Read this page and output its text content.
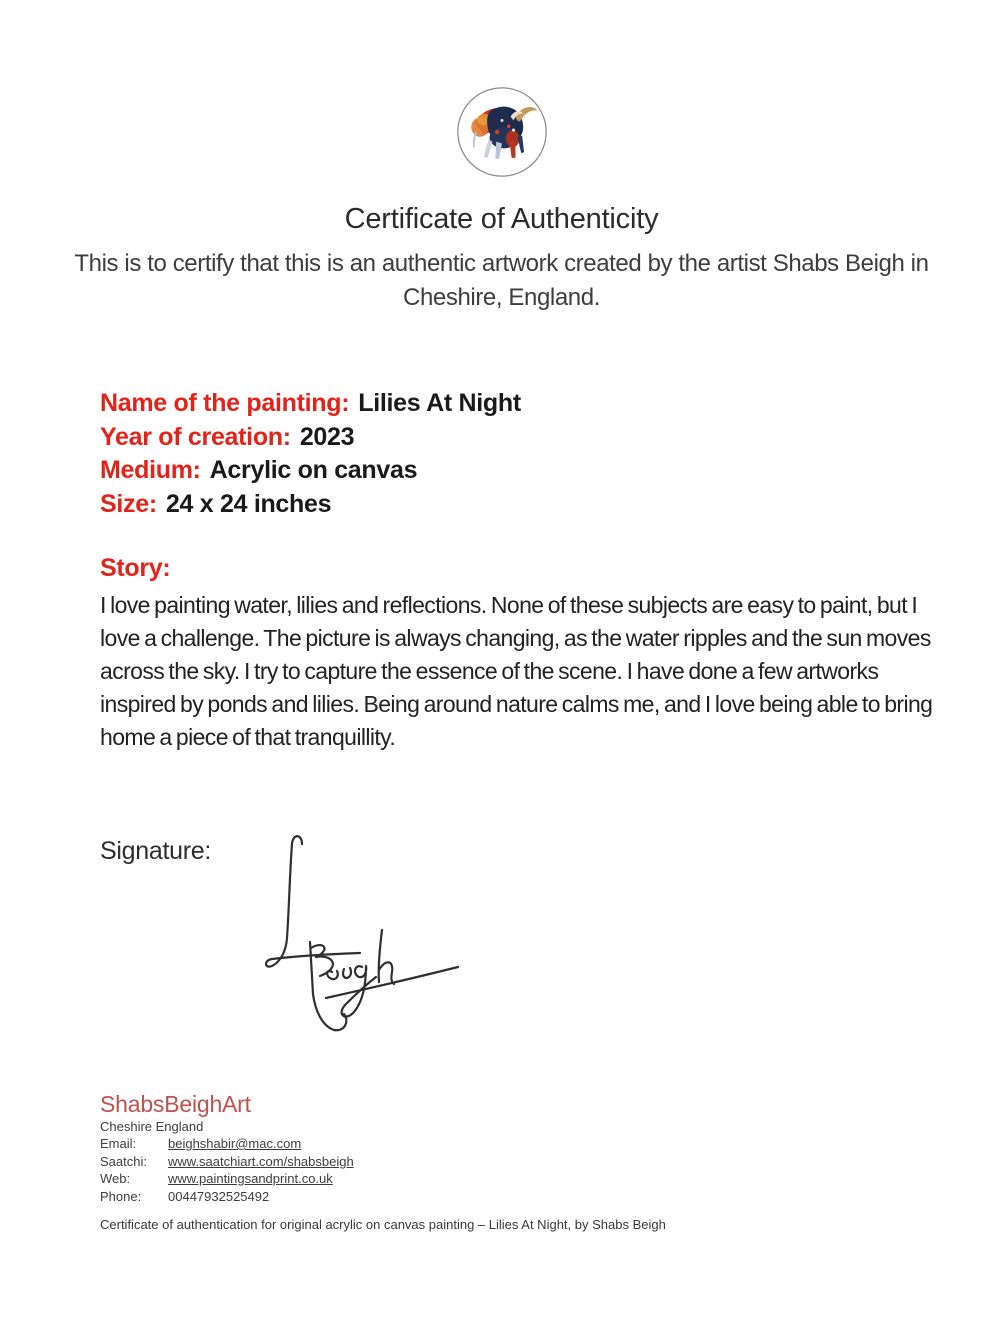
Certificate of Authenticity
This is to certify that this is an authentic artwork created by the artist Shabs Beigh in Cheshire, England.
Name of the painting: Lilies At Night
Year of creation: 2023
Medium: Acrylic on canvas
Size: 24 x 24 inches
Story:
I love painting water, lilies and reflections. None of these subjects are easy to paint, but I love a challenge. The picture is always changing, as the water ripples and the sun moves across the sky. I try to capture the essence of the scene. I have done a few artworks inspired by ponds and lilies. Being around nature calms me, and I love being able to bring home a piece of that tranquillity.
Signature:
ShabsBeighArt
Cheshire England
Email: beighshabir@mac.com
Saatchi: www.saatchiart.com/shabsbeigh
Web:	www.paintingsandprint.co.uk
Phone: 00447932525492
Certificate of authentication for original acrylic on canvas painting – Lilies At Night, by Shabs Beigh
